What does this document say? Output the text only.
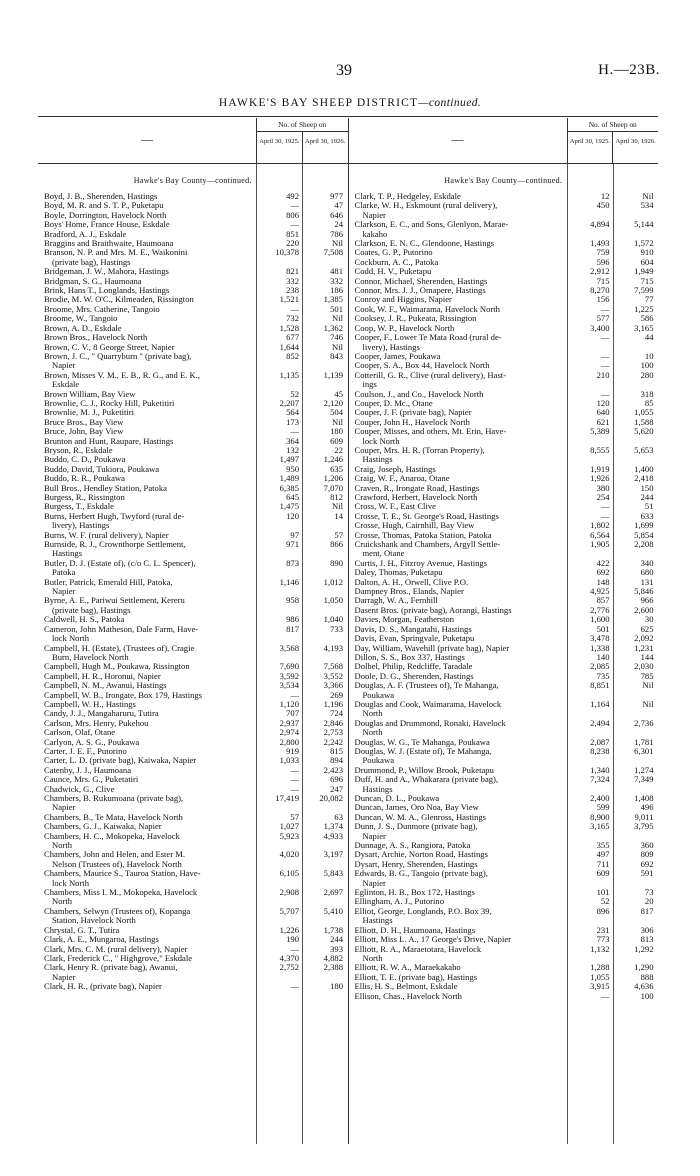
39	H.—23B.
HAWKE'S BAY SHEEP DISTRICT—continued.
—
No. of Sheep on
April 30, 1925. April 30, 1926.
Hawke's Bay County—continued.
Boyd, J. B., Sherenden, Hastings	492	977
Boyd, M. R. and S. T. P., Puketapu	—	47
Boyle, Dorrington, Havelock North	806	646
Boys' Home, France House, Eskdale	—	24
Bradford, A. J., Eskdale	851	786
Braggins and Braithwaite, Haumoana	220	Nil
Branson, N. P. and Mrs. M. E., Waikonini
(private bag), Hastings
10,378	7,508
Bridgeman, J. W., Mahora, Hastings	821	481
Bridgman, S. G., Haumoana	332	332
Brink, Hans T., Longlands, Hastings	238	186
Brodie, M. W. O'C., Kilmeaden, Rissington	1,521	1,385
Broome, Mrs. Catherine, Tangoio	—	501
Broome, W., Tangoio	732	Nil
Brown, A. D., Eskdale	1,528	1,362
Brown Bros., Havelock North	677	746
Brown, C. V., 8 George Street, Napier	1,644	Nil
Brown, J. C., " Quarryburn " (private bag),
Napier
852	843
Brown, Misses V. M., E. B., R. G., and E. K.,
Eskdale
1,135	1,139
Brown William, Bay View	52	45
Brownlie, C. J., Rocky Hill, Puketitiri	2,207	2,120
Brownlie, M. J., Puketitiri	564	504
Bruce Bros., Bay View	173	Nil
Bruce, John, Bay View	—	180
Brunton and Hunt, Raupare, Hastings	364	609
Bryson, R., Eskdale	132	22
Buddo, C. D., Poukawa	1,497	1,246
Buddo, David, Tukiora, Poukawa	950	635
Buddo, R. R., Poukawa	1,489	1,206
Bull Bros., Hendley Station, Patoka	6,385	7,070
Burgess, R., Rissington	645	812
Burgess, T., Eskdale	1,475	Nil
Burns, Herbert Hugh, Twyford (rural de-
livery), Hastings
120	14
Burns, W. F. (rural delivery), Napier	97	57
Burnside, R. J., Crownthorpe Settlement,
Hastings
971	866
Butler, D. J. (Estate of), (c/o C. L. Spencer),
Patoka
873	890
Butler, Patrick, Emerald Hill, Patoka,
Napier
1,146	1,012
Byrne, A. E., Pariwui Settlement, Kereru
(private bag), Hastings
958	1,050
Caldwell, H. S., Patoka	986	1,040
Cameron, John Matheson, Dale Farm, Have-
lock North
817	733
Campbell, H. (Estate), (Trustees of), Cragie
Burn, Havelock North
3,568	4,193
Campbell, Hugh M., Poukawa, Rissington	7,690	7,568
Campbell, H. R., Horonui, Napier	3,592	3,552
Campbell, N. M., Awanui, Hastings	3,534	3,366
Campbell, W. B., Irongate, Box 179, Hastings	—	269
Campbell, W. H., Hastings	1,120	1,196
Candy, J. J., Mangaharuru, Tutira	707	724
Carlson, Mrs. Henry, Pukehou	2,937	2,846
Carlson, Olaf, Otane	2,974	2,753
Carlyon, A. S. G., Poukawa	2,800	2,242
Carter, J. E. F., Putorino	919	815
Carter, L. D. (private bag), Kaiwaka, Napier	1,033	894
Catenby, J. J., Haumoana	—	2,423
Caunce, Mrs. G., Puketatiri	—	696
Chadwick, G., Clive	—	247
Chambers, B. Rukumoana (private bag),
Napier
17,419	20,082
Chambers, B., Te Mata, Havelock North	57	63
Chambers, G. J., Kaiwaka, Napier	1,027	1,374
Chambers, H. C., Mokopeka, Havelock
North
5,923	4,933
Chambers, John and Helen, and Ester M.
Nelson (Trustees of), Havelock North
4,020	3,197
Chambers, Maurice S., Tauroa Station, Have-
lock North
6,105	5,843
Chambers, Miss I. M., Mokopeka, Havelock
North
2,908	2,697
Chambers, Selwyn (Trustees of), Kopanga
Station, Havelock North
5,707	5,410
Chrystal, G. T., Tutira	1,226	1,738
Clark, A. E., Mungaroa, Hastings	190	244
Clark, Mrs. C. M. (rural delivery), Napier	—	393
Clark, Frederick C., " Highgrove," Eskdale	4,370	4,882
Clark, Henry R. (private bag), Awanui,
Napier
2,752	2,388
Clark, H. R., (private bag), Napier	—	180
—
No. of Sheep on
April 30, 1925. April 30, 1926.
Hawke's Bay County—continued.
Clark, T. P., Hedgeley, Eskdale	12	Nil
Clarke, W. H., Eskmount (rural delivery),
Napier
450	534
Clarkson, E. C., and Sons, Glenlyon, Marae-
kakaho
4,894	5,144
Clarkson, E. N. C., Glendoone, Hastings	1,493	1,572
Coates, G. P., Putorino	759	910
Cockburn, A. C., Patoka	596	604
Codd, H. V., Puketapu	2,912	1,949
Connor, Michael, Sherenden, Hastings	715	715
Connor, Mrs. J. J., Omapere, Hastings	8,270	7,599
Conroy and Higgins, Napier	156	77
Cook, W. F., Waimarama, Havelock North	—	1,225
Cooksey, J. R., Pukeata, Rissington	577	586
Coop, W. P., Havelock North	3,400	3,165
Cooper, F., Lower Te Mata Road (rural de-
livery), Hastings
—	44
Cooper, James, Poukawa	—	10
Cooper, S. A., Box 44, Havelock North	—	100
Cotterill, G. R., Clive (rural delivery), Hast-
ings
210	280
Coulson, J., and Co., Havelock North	—	318
Couper, D. Mc., Otane	120	85
Couper, J. F. (private bag), Napier	640	1,055
Couper, John H., Havelock North	621	1,588
Couper, Misses, and others, Mt. Erin, Have-
lock North
5,389	5,620
Couper, Mrs. H. R. (Torran Property),
Hastings
8,555	5,653
Craig, Joseph, Hastings	1,919	1,400
Craig, W. F., Anaroa, Otane	1,926	2,418
Craven, R., Irongate Road, Hastings	380	150
Crawford, Herbert, Havelock North	254	244
Cross, W. F., East Clive	—	51
Crosse, T. E., St. George's Road, Hastings	—	633
Crosse, Hugh, Cairnhill, Bay View	1,802	1,699
Crosse, Thomas, Patoka Station, Patoka	6,564	5,854
Cruickshank and Chambers, Argyll Settle-
ment, Otane
1,905	2,208
Curtis, J. H., Fitzroy Avenue, Hastings	422	340
Daley, Thomas, Puketapu	692	680
Dalton, A. H., Orwell, Clive P.O.	148	131
Dampney Bros., Elands, Napier	4,925	5,846
Darragh, W. A., Fernhill	857	966
Dasent Bros. (private bag), Aorangi, Hastings	2,776	2,600
Davies, Morgan, Featherston	1,600	30
Davis, D. S., Mangatahi, Hastings	501	625
Davis, Evan, Springvale, Puketapu	3,478	2,092
Day, William, Wavehill (private bag), Napier	1,338	1,231
Dillon, S. S., Box 337, Hastings	140	144
Dolbel, Philip, Redcliffe, Taradale	2,085	2,030
Doole, D. G., Sherenden, Hastings	735	785
Douglas, A. F. (Trustees of), Te Mahanga,
Poukawa
8,851	Nil
Douglas and Cook, Waimarama, Havelock
North
1,164	Nil
Douglas and Drummond, Ronaki, Havelock
North
2,494	2,736
Douglas, W. G., Te Mahanga, Poukawa	2,087	1,781
Douglas, W. J. (Estate of), Te Mahanga,
Poukawa
8,238	6,301
Drummond, P., Willow Brook, Puketapu	1,340	1,274
Duff, H. and A., Whakarara (private bag),
Hastings
7,324	7,349
Duncan, D. L., Poukawa	2,400	1,408
Duncan, James, Oro Noa, Bay View	599	496
Duncan, W. M. A., Glenross, Hastings	8,900	9,011
Dunn, J. S., Dunmore (private bag),
Napier
3,165	3,795
Dunnage, A. S., Rangiora, Patoka	355	360
Dysart, Archie, Norton Road, Hastings	497	809
Dysart, Henry, Sherenden, Hastings	711	692
Edwards, B. G., Tangoio (private bag),
Napier
609	591
Eglinton, H. B., Box 172, Hastings	101	73
Ellingham, A. J., Putorino	52	20
Elliot, George, Longlands, P.O. Box 39,
Hastings
896	817
Elliott, D. H., Haumoana, Hastings	231	306
Elliott, Miss L. A., 17 George's Drive, Napier	773	813
Elliott, R. A., Maraetotara, Havelock
North
1,132	1,292
Elliott, R. W. A., Maraekakaho	1,288	1,290
Elliott, T. E. (private bag), Hastings	1,055	888
Ellis, H. S., Belmont, Eskdale	3,915	4,636
Ellison, Chas., Havelock North	—	100
